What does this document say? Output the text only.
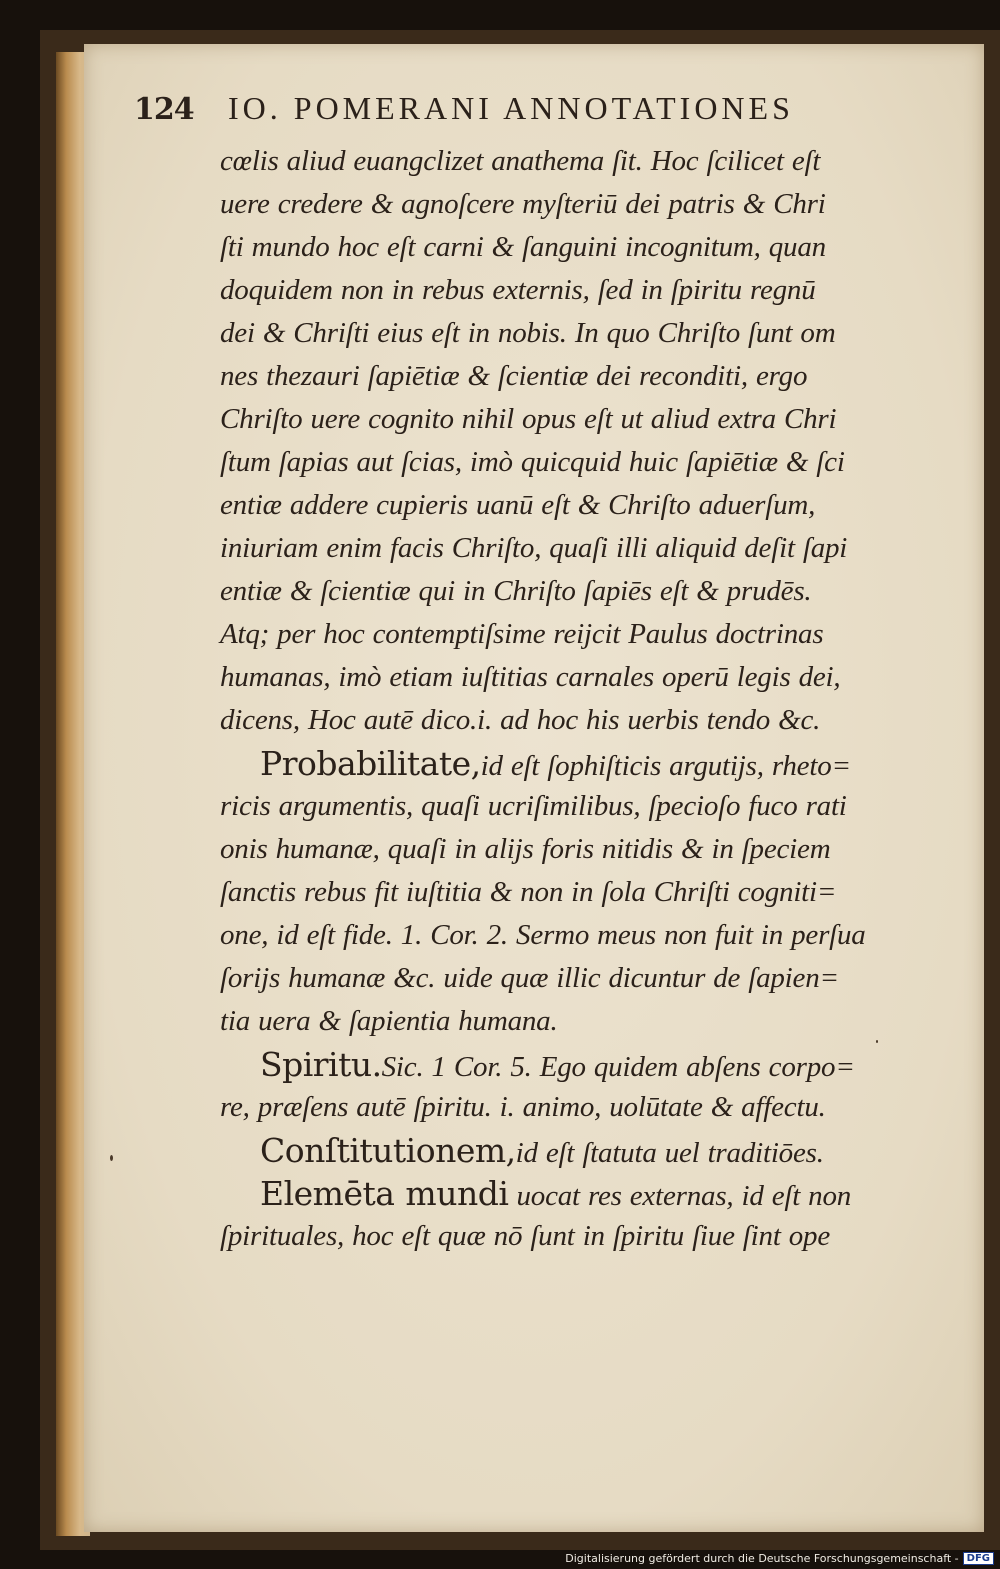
124	IO. POMERANI ANNOTATIONES
cœlis aliud euangclizet anathema ſit. Hoc ſcilicet eſt
uere credere & agnoſcere myſteriū dei patris & Chri
ſti mundo hoc eſt carni & ſanguini incognitum, quan
doquidem non in rebus externis, ſed in ſpiritu regnū
dei & Chriſti eius eſt in nobis. In quo Chriſto ſunt om
nes thezauri ſapiētiæ & ſcientiæ dei reconditi, ergo
Chriſto uere cognito nihil opus eſt ut aliud extra Chri
ſtum ſapias aut ſcias, imò quicquid huic ſapiētiæ & ſci
entiæ addere cupieris uanū eſt & Chriſto aduerſum,
iniuriam enim facis Chriſto, quaſi illi aliquid deſit ſapi
entiæ & ſcientiæ qui in Chriſto ſapiēs eſt & prudēs.
Atq; per hoc contemptiſsime reijcit Paulus doctrinas
humanas, imò etiam iuſtitias carnales operū legis dei,
dicens, Hoc autē dico.i. ad hoc his uerbis tendo &c.
Probabilitate,id eſt ſophiſticis argutijs, rheto=
ricis argumentis, quaſi ucriſimilibus, ſpecioſo fuco rati
onis humanæ, quaſi in alijs foris nitidis & in ſpeciem
ſanctis rebus fit iuſtitia & non in ſola Chriſti cogniti=
one, id eſt fide. 1. Cor. 2. Sermo meus non fuit in perſua
ſorijs humanæ &c. uide quæ illic dicuntur de ſapien=
tia uera & ſapientia humana.
Spiritu.Sic. 1 Cor. 5. Ego quidem abſens corpo=
re, præſens autē ſpiritu. i. animo, uolūtate & affectu.
Conſtitutionem,id eſt ſtatuta uel traditiōes.
Elemēta mundi uocat res externas, id eſt non
ſpirituales, hoc eſt quæ nō ſunt in ſpiritu ſiue ſint ope
Digitalisierung gefördert durch die Deutsche Forschungsgemeinschaft - DFG
